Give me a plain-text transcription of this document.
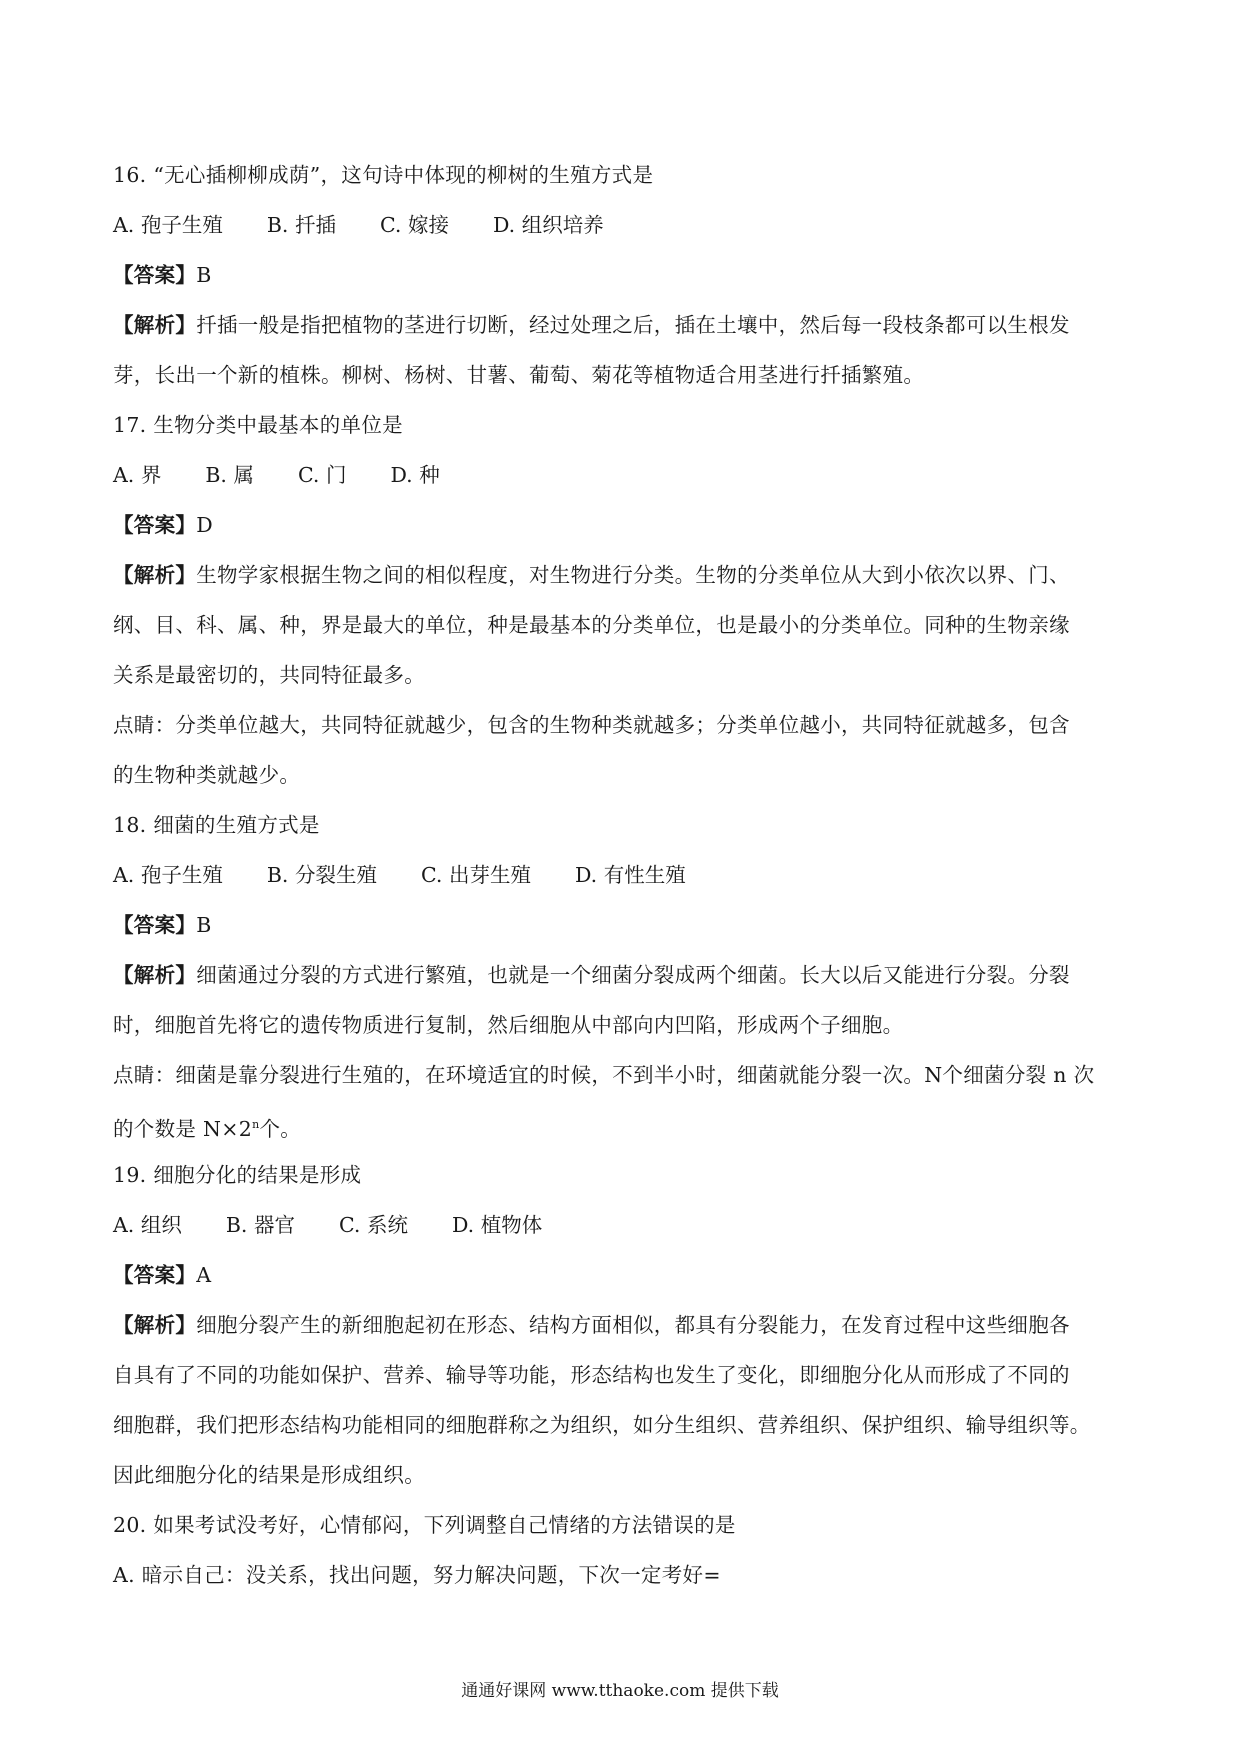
16. “无心插柳柳成荫”，这句诗中体现的柳树的生殖方式是
A. 孢子生殖 B. 扦插 C. 嫁接 D. 组织培养
【答案】B
【解析】扦插一般是指把植物的茎进行切断，经过处理之后，插在土壤中，然后每一段枝条都可以生根发
芽，长出一个新的植株。柳树、杨树、甘薯、葡萄、菊花等植物适合用茎进行扦插繁殖。
17. 生物分类中最基本的单位是
A. 界 B. 属 C. 门 D. 种
【答案】D
【解析】生物学家根据生物之间的相似程度，对生物进行分类。生物的分类单位从大到小依次以界、门、
纲、目、科、属、种，界是最大的单位，种是最基本的分类单位，也是最小的分类单位。同种的生物亲缘
关系是最密切的，共同特征最多。
点睛：分类单位越大，共同特征就越少，包含的生物种类就越多；分类单位越小，共同特征就越多，包含
的生物种类就越少。
18. 细菌的生殖方式是
A. 孢子生殖 B. 分裂生殖 C. 出芽生殖 D. 有性生殖
【答案】B
【解析】细菌通过分裂的方式进行繁殖，也就是一个细菌分裂成两个细菌。长大以后又能进行分裂。分裂
时，细胞首先将它的遗传物质进行复制，然后细胞从中部向内凹陷，形成两个子细胞。
点睛：细菌是靠分裂进行生殖的，在环境适宜的时候，不到半小时，细菌就能分裂一次。N个细菌分裂 n 次
的个数是 $N\times 2^n$个。
19. 细胞分化的结果是形成
A. 组织 B. 器官 C. 系统 D. 植物体
【答案】A
【解析】细胞分裂产生的新细胞起初在形态、结构方面相似，都具有分裂能力，在发育过程中这些细胞各
自具有了不同的功能如保护、营养、输导等功能，形态结构也发生了变化，即细胞分化从而形成了不同的
细胞群，我们把形态结构功能相同的细胞群称之为组织，如分生组织、营养组织、保护组织、输导组织等。
因此细胞分化的结果是形成组织。
20. 如果考试没考好，心情郁闷，下列调整自己情绪的方法错误的是
A. 暗示自己：没关系，找出问题，努力解决问题，下次一定考好=
通通好课网 www.tthaoke.com 提供下载
